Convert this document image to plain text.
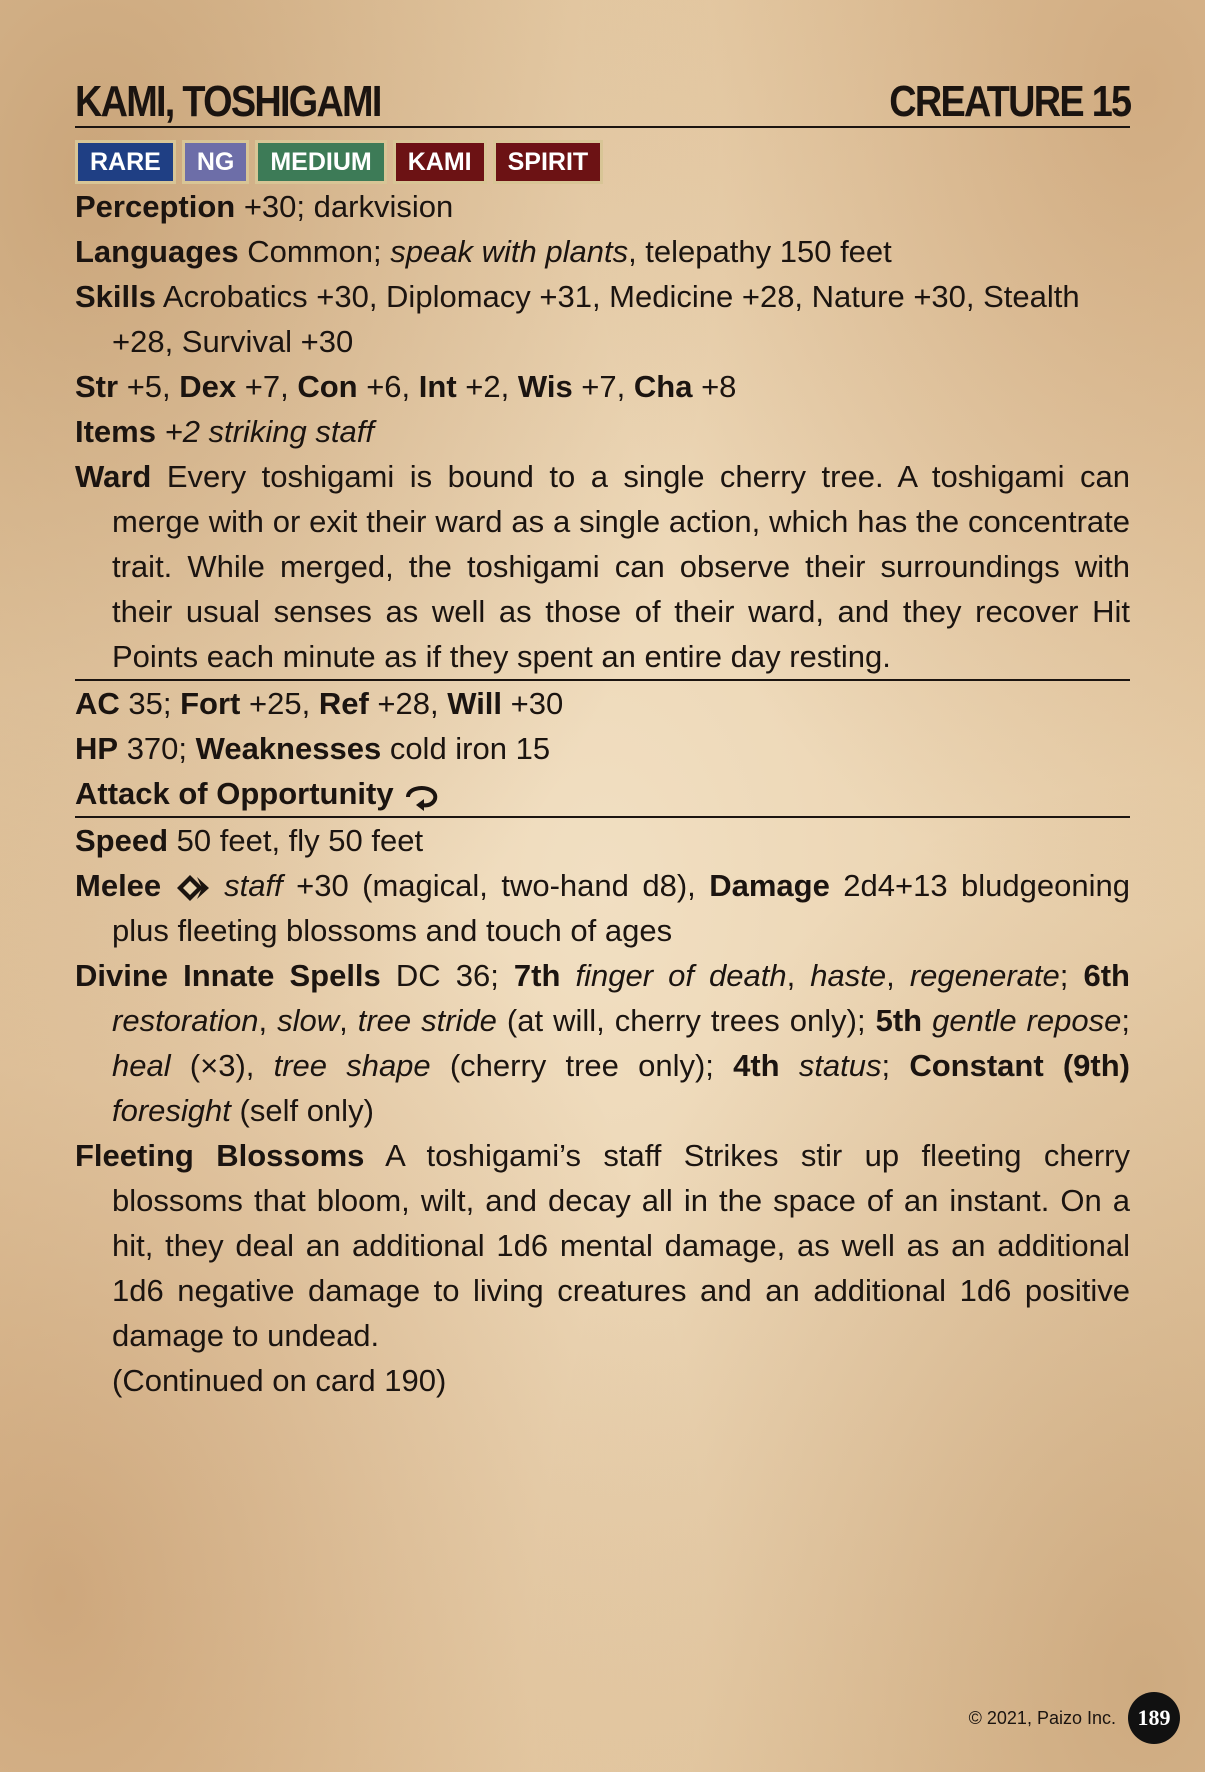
KAMI, TOSHIGAMI	CREATURE 15
RARE	NG	MEDIUM	KAMI	SPIRIT
Perception +30; darkvision
Languages Common; speak with plants, telepathy 150 feet
Skills Acrobatics +30, Diplomacy +31, Medicine +28, Nature +30, Stealth +28, Survival +30
Str +5, Dex +7, Con +6, Int +2, Wis +7, Cha +8
Items +2 striking staff
Ward Every toshigami is bound to a single cherry tree. A toshigami can merge with or exit their ward as a single action, which has the concentrate trait. While merged, the toshigami can observe their surroundings with their usual senses as well as those of their ward, and they recover Hit Points each minute as if they spent an entire day resting.
AC 35; Fort +25, Ref +28, Will +30
HP 370; Weaknesses cold iron 15
Attack of Opportunity
Speed 50 feet, fly 50 feet
Melee staff +30 (magical, two-hand d8), Damage 2d4+13 bludgeoning plus fleeting blossoms and touch of ages
Divine Innate Spells DC 36; 7th finger of death, haste, regenerate; 6th restoration, slow, tree stride (at will, cherry trees only); 5th gentle repose; heal (×3), tree shape (cherry tree only); 4th status; Constant (9th) foresight (self only)
Fleeting Blossoms A toshigami’s staff Strikes stir up fleeting cherry blossoms that bloom, wilt, and decay all in the space of an instant. On a hit, they deal an additional 1d6 mental damage, as well as an additional 1d6 negative damage to living creatures and an additional 1d6 positive damage to undead.
(Continued on card 190)
© 2021, Paizo Inc. 189
